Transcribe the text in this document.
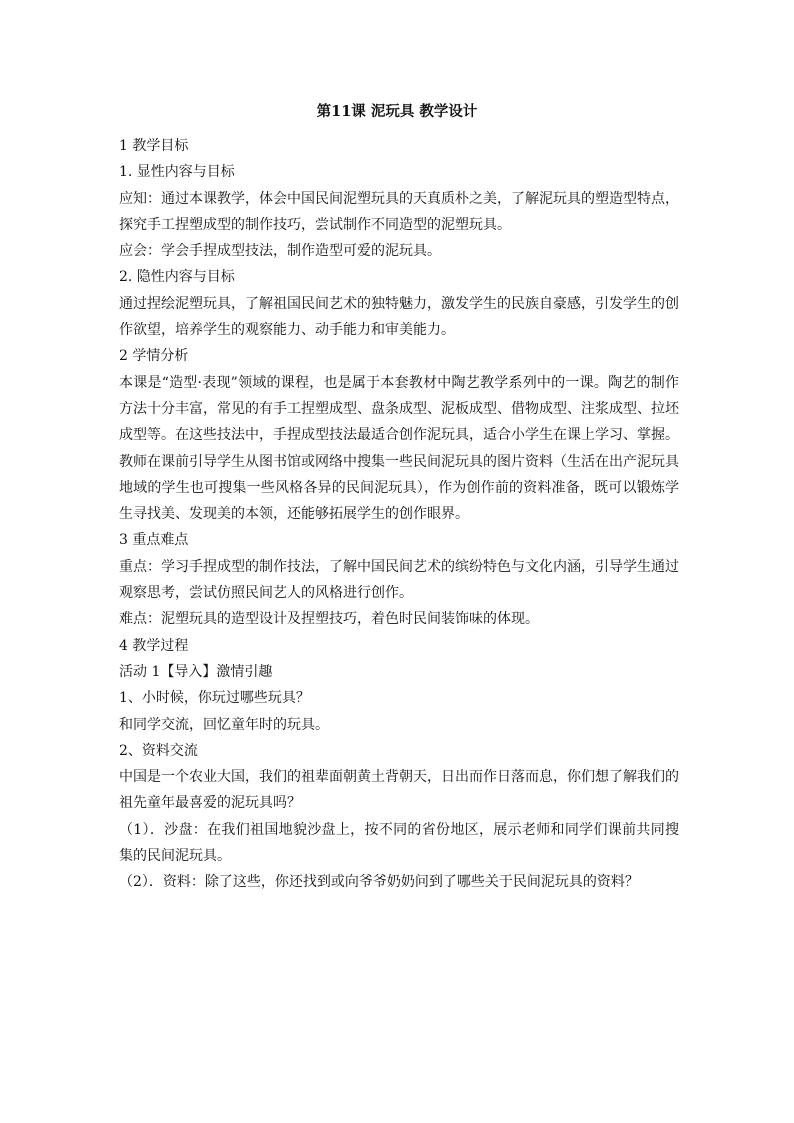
第11课 泥玩具 教学设计
1 教学目标
1. 显性内容与目标
应知：通过本课教学，体会中国民间泥塑玩具的天真质朴之美，了解泥玩具的塑造型特点，
探究手工捏塑成型的制作技巧，尝试制作不同造型的泥塑玩具。
应会：学会手捏成型技法，制作造型可爱的泥玩具。
2. 隐性内容与目标
通过捏绘泥塑玩具，了解祖国民间艺术的独特魅力，激发学生的民族自豪感，引发学生的创
作欲望，培养学生的观察能力、动手能力和审美能力。
2 学情分析
本课是“造型·表现”领域的课程，也是属于本套教材中陶艺教学系列中的一课。陶艺的制作
方法十分丰富，常见的有手工捏塑成型、盘条成型、泥板成型、借物成型、注浆成型、拉坯
成型等。在这些技法中，手捏成型技法最适合创作泥玩具，适合小学生在课上学习、掌握。
教师在课前引导学生从图书馆或网络中搜集一些民间泥玩具的图片资料（生活在出产泥玩具
地域的学生也可搜集一些风格各异的民间泥玩具），作为创作前的资料准备，既可以锻炼学
生寻找美、发现美的本领，还能够拓展学生的创作眼界。
3 重点难点
重点：学习手捏成型的制作技法，了解中国民间艺术的缤纷特色与文化内涵，引导学生通过
观察思考，尝试仿照民间艺人的风格进行创作。
难点：泥塑玩具的造型设计及捏塑技巧，着色时民间装饰味的体现。
4 教学过程
活动 1【导入】激情引趣
1、小时候，你玩过哪些玩具？
和同学交流，回忆童年时的玩具。
2、资料交流
中国是一个农业大国，我们的祖辈面朝黄土背朝天，日出而作日落而息，你们想了解我们的
祖先童年最喜爱的泥玩具吗？
（1）．沙盘：在我们祖国地貌沙盘上，按不同的省份地区，展示老师和同学们课前共同搜
集的民间泥玩具。
（2）．资料：除了这些，你还找到或向爷爷奶奶问到了哪些关于民间泥玩具的资料？
